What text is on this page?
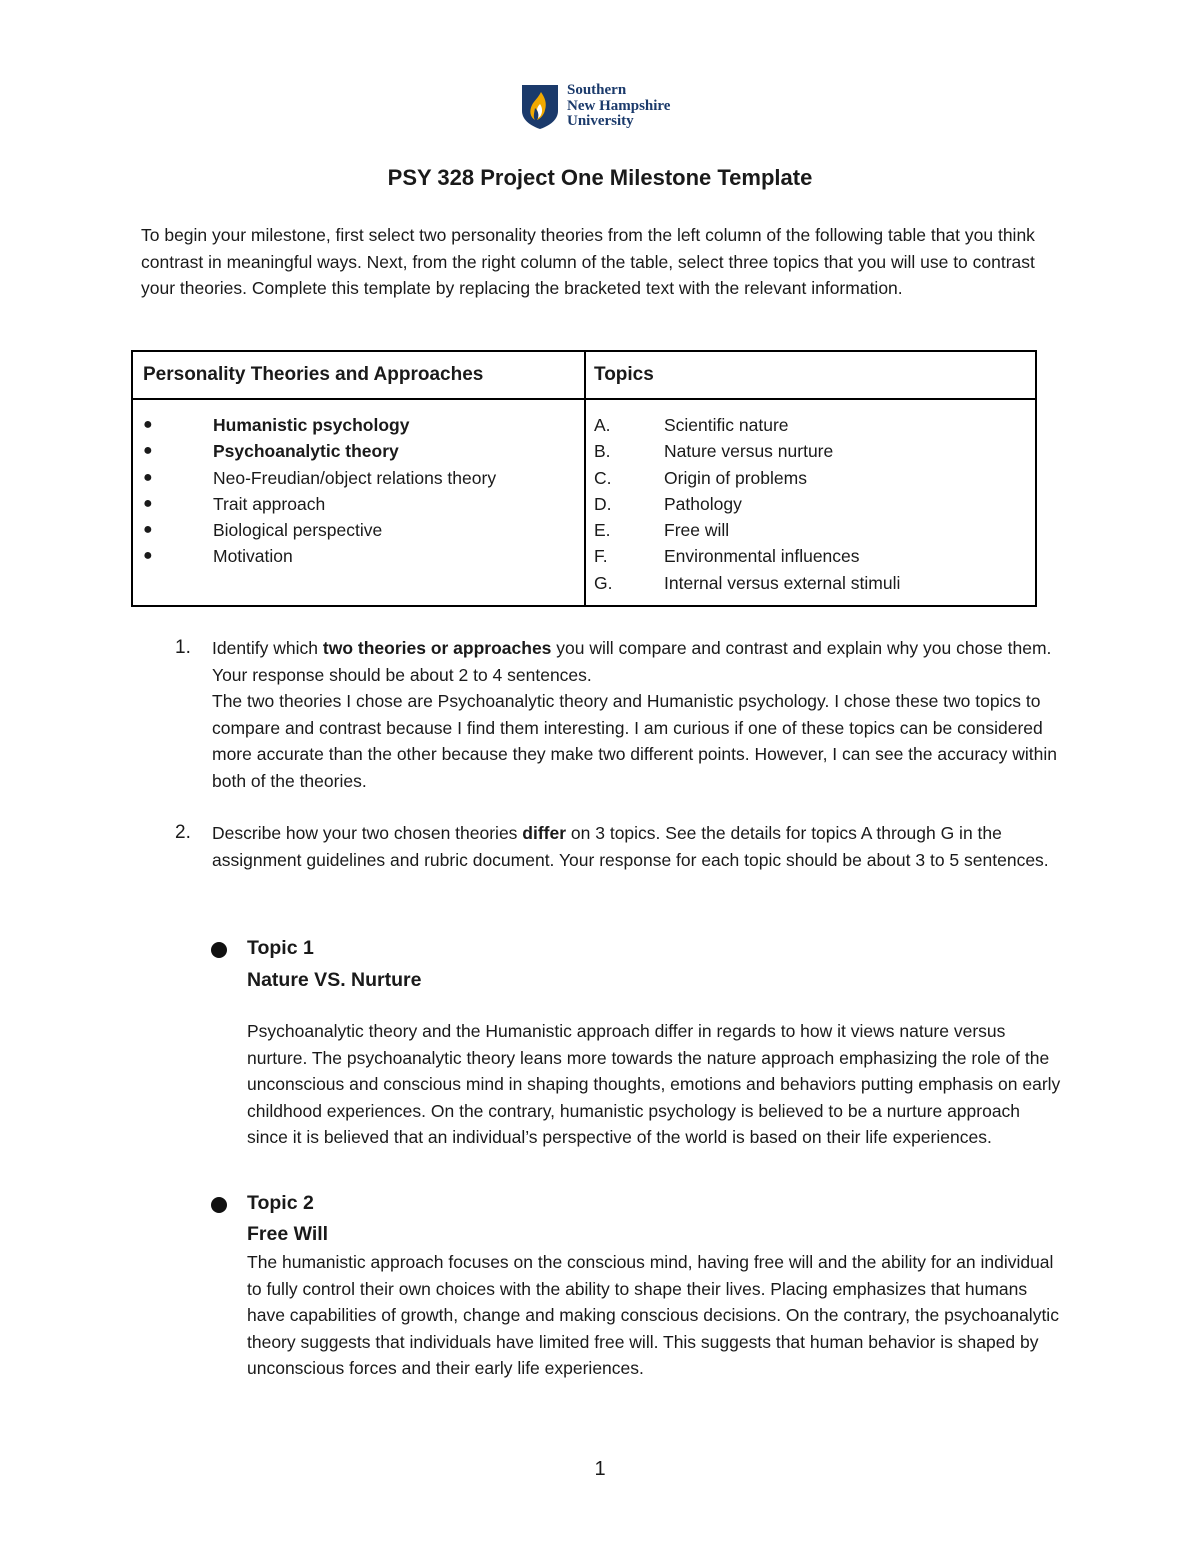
Southern
New Hampshire
University
PSY 328 Project One Milestone Template
To begin your milestone, first select two personality theories from the left column of the following table that you think contrast in meaningful ways. Next, from the right column of the table, select three topics that you will use to contrast your theories. Complete this template by replacing the bracketed text with the relevant information.
Personality Theories and Approaches	Topics
●	Humanistic psychology
●	Psychoanalytic theory
●	Neo-Freudian/object relations theory
●	Trait approach
●	Biological perspective
●	Motivation
A.	Scientific nature
B.	Nature versus nurture
C.	Origin of problems
D.	Pathology
E.	Free will
F.	Environmental influences
G.	Internal versus external stimuli
1. Identify which two theories or approaches you will compare and contrast and explain why you chose them. Your response should be about 2 to 4 sentences.
The two theories I chose are Psychoanalytic theory and Humanistic psychology. I chose these two topics to compare and contrast because I find them interesting. I am curious if one of these topics can be considered more accurate than the other because they make two different points. However, I can see the accuracy within both of the theories.
2. Describe how your two chosen theories differ on 3 topics. See the details for topics A through G in the assignment guidelines and rubric document. Your response for each topic should be about 3 to 5 sentences.
Topic 1
Nature VS. Nurture
Psychoanalytic theory and the Humanistic approach differ in regards to how it views nature versus nurture. The psychoanalytic theory leans more towards the nature approach emphasizing the role of the unconscious and conscious mind in shaping thoughts, emotions and behaviors putting emphasis on early childhood experiences. On the contrary, humanistic psychology is believed to be a nurture approach since it is believed that an individual’s perspective of the world is based on their life experiences.
Topic 2
Free Will
The humanistic approach focuses on the conscious mind, having free will and the ability for an individual to fully control their own choices with the ability to shape their lives. Placing emphasizes that humans have capabilities of growth, change and making conscious decisions. On the contrary, the psychoanalytic theory suggests that individuals have limited free will. This suggests that human behavior is shaped by unconscious forces and their early life experiences.
1
